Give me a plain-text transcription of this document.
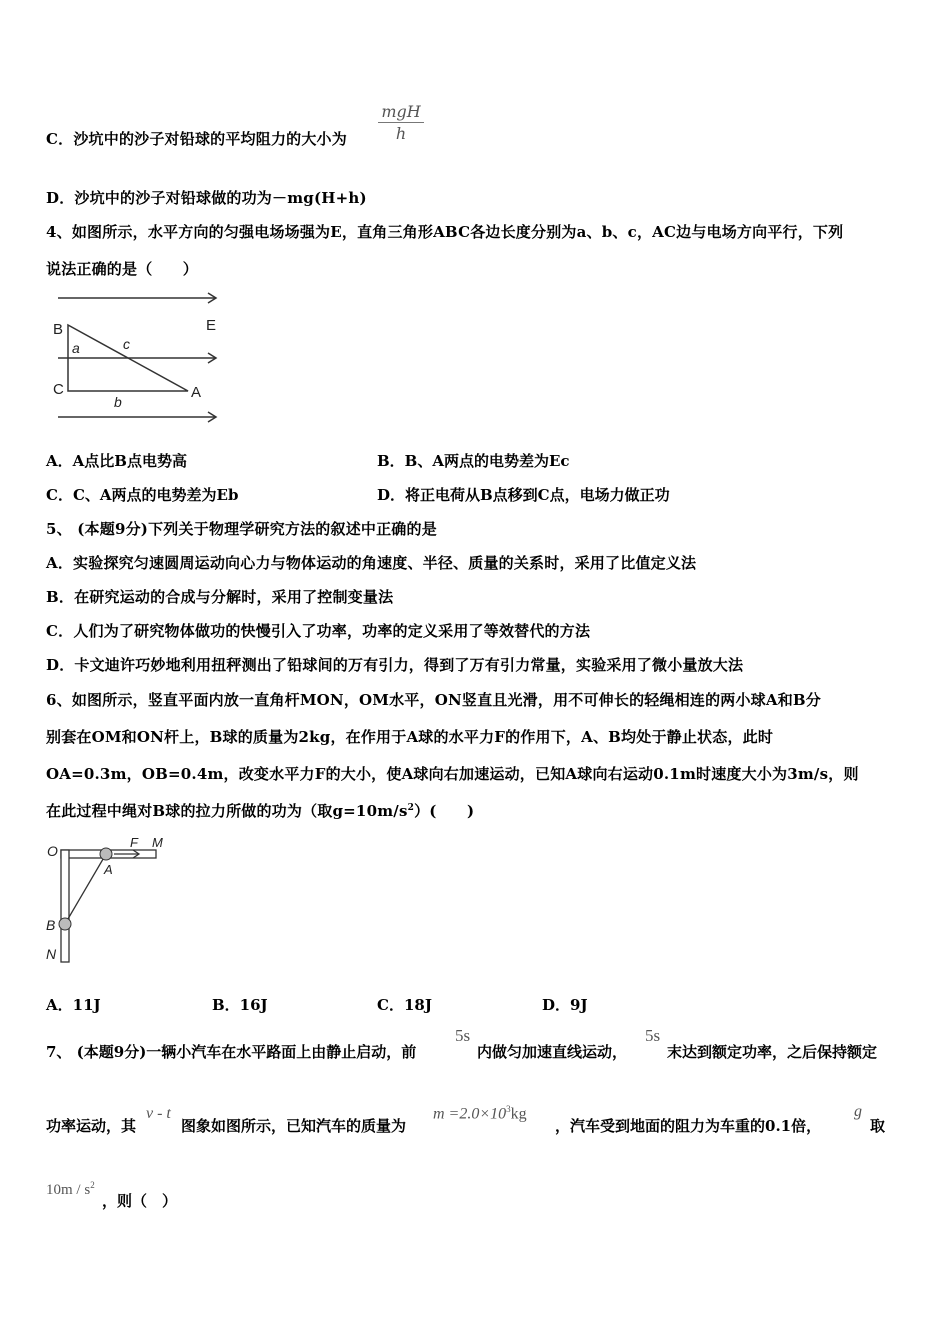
C．沙坑中的沙子对铅球的平均阻力的大小为
mgH
h
D．沙坑中的沙子对铅球做的功为－mg(H+h)
4、如图所示，水平方向的匀强电场场强为E，直角三角形ABC各边长度分别为a、b、c，AC边与电场方向平行，下列
说法正确的是（　　）
B	E
a	c
C	A
b
A．A点比B点电势高	B．B、A两点的电势差为Ec
C．C、A两点的电势差为Eb	D．将正电荷从B点移到C点，电场力做正功
5、 (本题9分)下列关于物理学研究方法的叙述中正确的是
A．实验探究匀速圆周运动向心力与物体运动的角速度、半径、质量的关系时，采用了比值定义法
B．在研究运动的合成与分解时，采用了控制变量法
C．人们为了研究物体做功的快慢引入了功率，功率的定义采用了等效替代的方法
D．卡文迪许巧妙地利用扭秤测出了铅球间的万有引力，得到了万有引力常量，实验采用了微小量放大法
6、如图所示，竖直平面内放一直角杆MON，OM水平，ON竖直且光滑，用不可伸长的轻绳相连的两小球A和B分
别套在OM和ON杆上，B球的质量为2kg，在作用于A球的水平力F的作用下，A、B均处于静止状态，此时
OA=0.3m，OB=0.4m，改变水平力F的大小，使A球向右加速运动，已知A球向右运动0.1m时速度大小为3m/s，则
在此过程中绳对B球的拉力所做的功为（取$g=10m/s^2$）(　　)
O
F M
A
B
N
A．11J	B．16J	C．18J	D．9J
7、 (本题9分)一辆小汽车在水平路面上由静止启动，前
5s
内做匀加速直线运动，
5s
末达到额定功率，之后保持额定
功率运动，其
v - t
图象如图所示，已知汽车的质量为
$m =2.0\times 10^3kg$
，汽车受到地面的阻力为车重的0.1倍，
g
取
$10m / s^2$
，则（　）
